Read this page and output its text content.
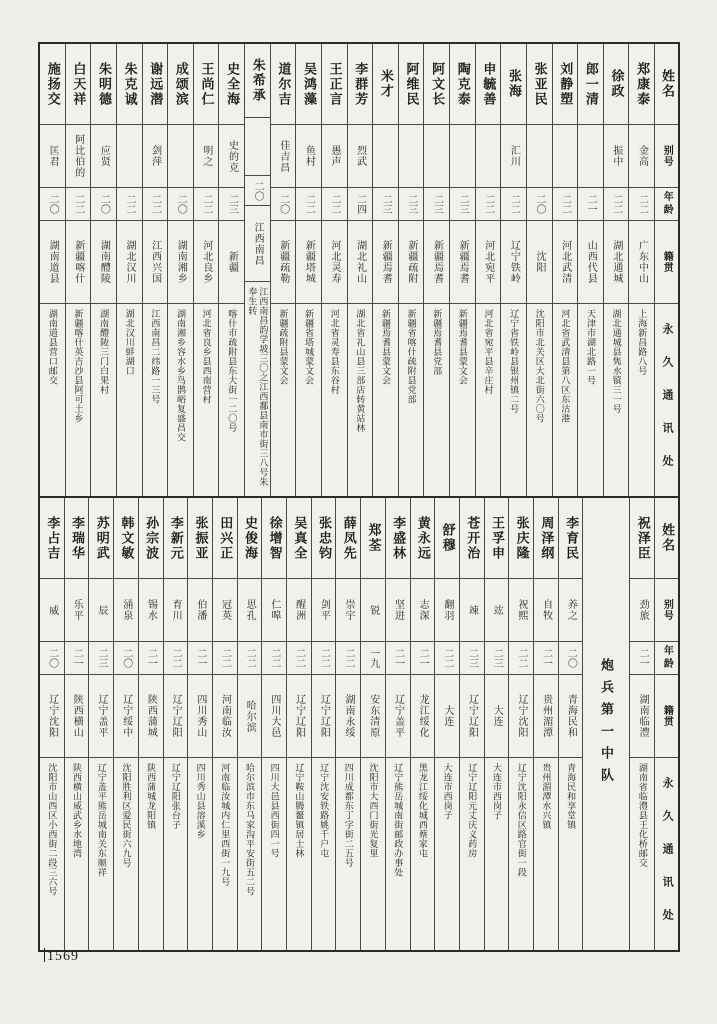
施扬交
匡君
二〇
湖南道县
湖南道县营口邮交
白天祥
阿比伯的
二二
新疆喀什
新疆喀什英吉沙县阿可土乡
朱明德
应贤
二〇
湖南醴陵
湖南醴陵三门白果村
朱克诚
二二
湖北汉川
湖北汉川蚌湖口
谢远潜
剑萍
二二
江西兴国
江西南昌二纬路一三号
成颂滨
二〇
湖南湘乡
湖南湘乡容水乡鸟鹊峪复盛昌交
王尚仁
明之
二二
河北良乡
河北省良乡县西南营村
史全海
史的克
二三
新疆
喀什市疏附县东大街一二〇号
朱希承
二〇
江西南昌
江西南昌韵学坡三〇之江西鄱县南市街三八号朱奉生转
道尔吉
佳吉昌
二〇
新疆疏勒
新疆疏附县蒙文会
吴鸿藻
鱼村
二二
新疆塔城
新疆省塔城蒙文会
王正言
愚声
二二
河北灵寿
河北省灵寿县东谷村
李群芳
烈武
二四
湖北礼山
湖北省礼山县三部店转黄站林
米才
二三
新疆焉耆
新疆焉耆县蒙文会
阿维民
二三
新疆疏附
新疆省喀什疏附县党部
阿文长
二三
新疆焉耆
新疆焉耆县党部
陶克泰
二三
新疆焉耆
新疆焉耆县蒙文会
申毓善
二二
河北宛平
河北省宛平县辛庄村
张海
汇川
二二
辽宁铁岭
辽宁省铁岭县银州镇二号
张亚民
二〇
沈阳
沈阳市北关区大北街六〇号
刘静塑
二二
河北武清
河北省武清县第八区东沽港
郎一清
二一
山西代县
天津市湖北路一号
徐政
振中
二二
湖北通城
湖北通城县隽水镇三一号
郑康泰
金高
二二
广东中山
上海新昌路八号
姓名
别号
年龄
籍贯
永久通讯处
李占吉
威
二〇
辽宁沈阳
沈阳市山西区小西街二段三六号
李瑞华
乐平
二一
陕西横山
陕西横山威武乡水地湾
苏明武
辰
二三
辽宁盖平
辽宁盖平熊岳城南关东顺祥
韩文敏
涌泉
二〇
辽宁绥中
沈阳胜利区爱民街六九号
孙宗波
锡水
二一
陕西蒲城
陕西蒲城龙阳镇
李新元
育川
二二
辽宁辽阳
辽宁辽阳张台子
张振亚
伯潘
二一
四川秀山
四川秀山县溶溪乡
田兴正
冠英
二二
河南临汝
河南临汝城内仁里西街一九号
史俊海
思孔
二二
哈尔滨
哈尔滨市东马家沟平安街五二号
徐增智
仁嗥
二二
四川大邑
四川大邑县西街四一号
吴真全
醒洲
二二
辽宁辽阳
辽宁鞍山腾鳌镇居士林
张忠钧
剑平
二二
辽宁辽阳
辽宁沈安铁路姚千户屯
薛凤先
崇宇
二二
湖南永绥
四川成都东丁字街二五号
郑荃
锐
一九
安东清原
沈阳市大西门街光复里
李盛林
坚进
二一
辽宁盖平
辽宁熊岳城南街邮政办事处
黄永远
志深
二一
龙江绥化
黑龙江绥化城西蔡家屯
舒穆
翻羽
二二
大连
大连市西岗子
苍开治
竦
二三
辽宁辽阳
辽宁辽阳元丈庆义药房
王孚申
竑
二三
大连
大连市西岗子
张庆隆
祝熙
二二
辽宁沈阳
辽宁沈阳永信区路官街一段
周泽纲
自牧
二一
贵州湄潭
贵州湄潭水兴镇
李育民
养之
二〇
青海民和
青海民和享堂镇
炮兵第一中队
祝泽臣
劲旅
二一
湖南临澧
湖南省临澧县王化桥邮交
姓名
别号
年龄
籍贯
永久通讯处
1569
